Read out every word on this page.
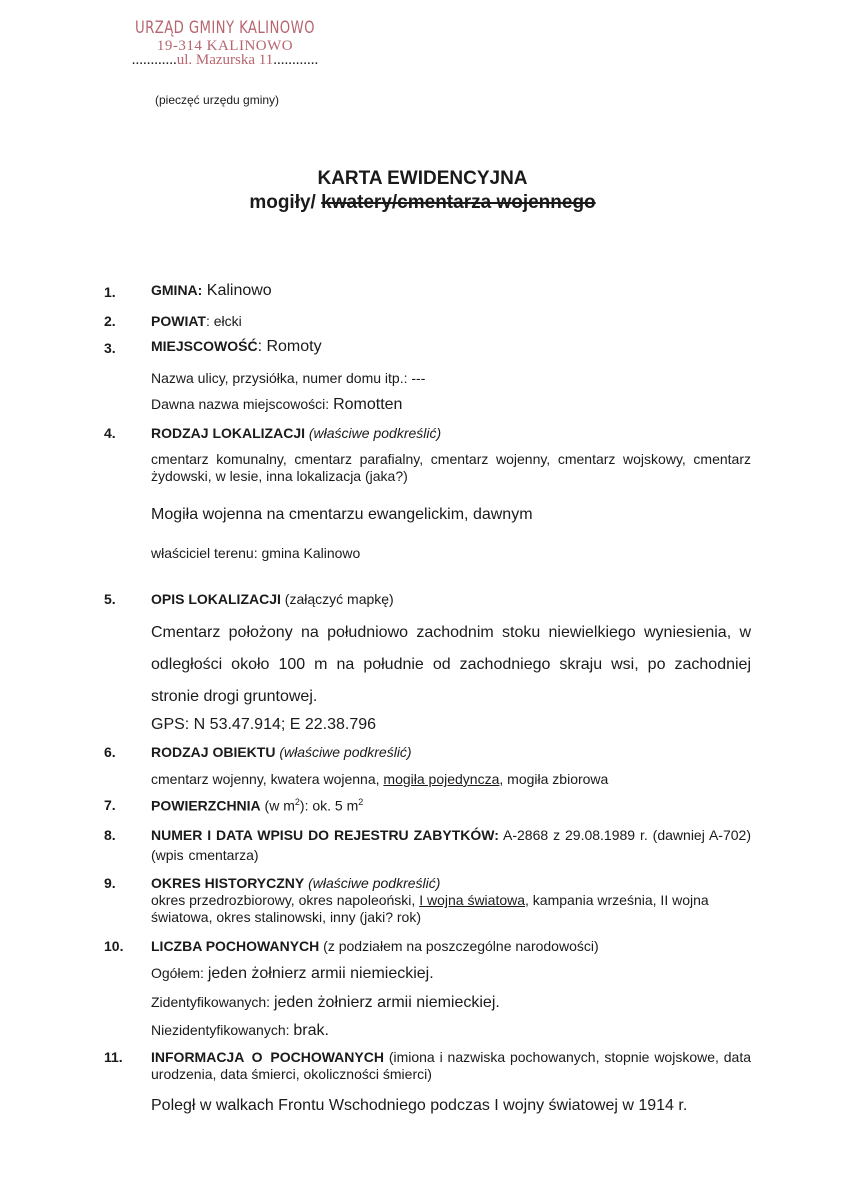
URZĄD GMINY KALINOWO
19-314 KALINOWO
............ul. Mazurska 11............
(pieczęć urzędu gminy)
KARTA EWIDENCYJNA
mogiły/ kwatery/cmentarza wojennego
1.	GMINA: Kalinowo
2.	POWIAT: ełcki
3.	MIEJSCOWOŚĆ: Romoty
Nazwa ulicy, przysiółka, numer domu itp.: ---
Dawna nazwa miejscowości: Romotten
4.	RODZAJ LOKALIZACJI (właściwe podkreślić)
cmentarz komunalny, cmentarz parafialny, cmentarz wojenny, cmentarz wojskowy, cmentarz żydowski, w lesie, inna lokalizacja (jaka?)
Mogiła wojenna na cmentarzu ewangelickim, dawnym
właściciel terenu: gmina Kalinowo
5.	OPIS LOKALIZACJI (załączyć mapkę)
Cmentarz położony na południowo zachodnim stoku niewielkiego wyniesienia, w odległości około 100 m na południe od zachodniego skraju wsi, po zachodniej stronie drogi gruntowej.
GPS: N 53.47.914; E 22.38.796
6.	RODZAJ OBIEKTU (właściwe podkreślić)
cmentarz wojenny, kwatera wojenna, mogiła pojedyncza, mogiła zbiorowa
7.	POWIERZCHNIA (w $m^2$): ok. 5 $m^2$
8.	NUMER I DATA WPISU DO REJESTRU ZABYTKÓW: A-2868 z 29.08.1989 r. (dawniej A-702) (wpis cmentarza)
9.	OKRES HISTORYCZNY (właściwe podkreślić)
okres przedrozbiorowy, okres napoleoński, I wojna światowa, kampania września, II wojna światowa, okres stalinowski, inny (jaki? rok)
10. LICZBA POCHOWANYCH (z podziałem na poszczególne narodowości)
Ogółem: jeden żołnierz armii niemieckiej.
Zidentyfikowanych: jeden żołnierz armii niemieckiej.
Niezidentyfikowanych: brak.
11. INFORMACJA O POCHOWANYCH (imiona i nazwiska pochowanych, stopnie wojskowe, data urodzenia, data śmierci, okoliczności śmierci)
Poległ w walkach Frontu Wschodniego podczas I wojny światowej w 1914 r.
